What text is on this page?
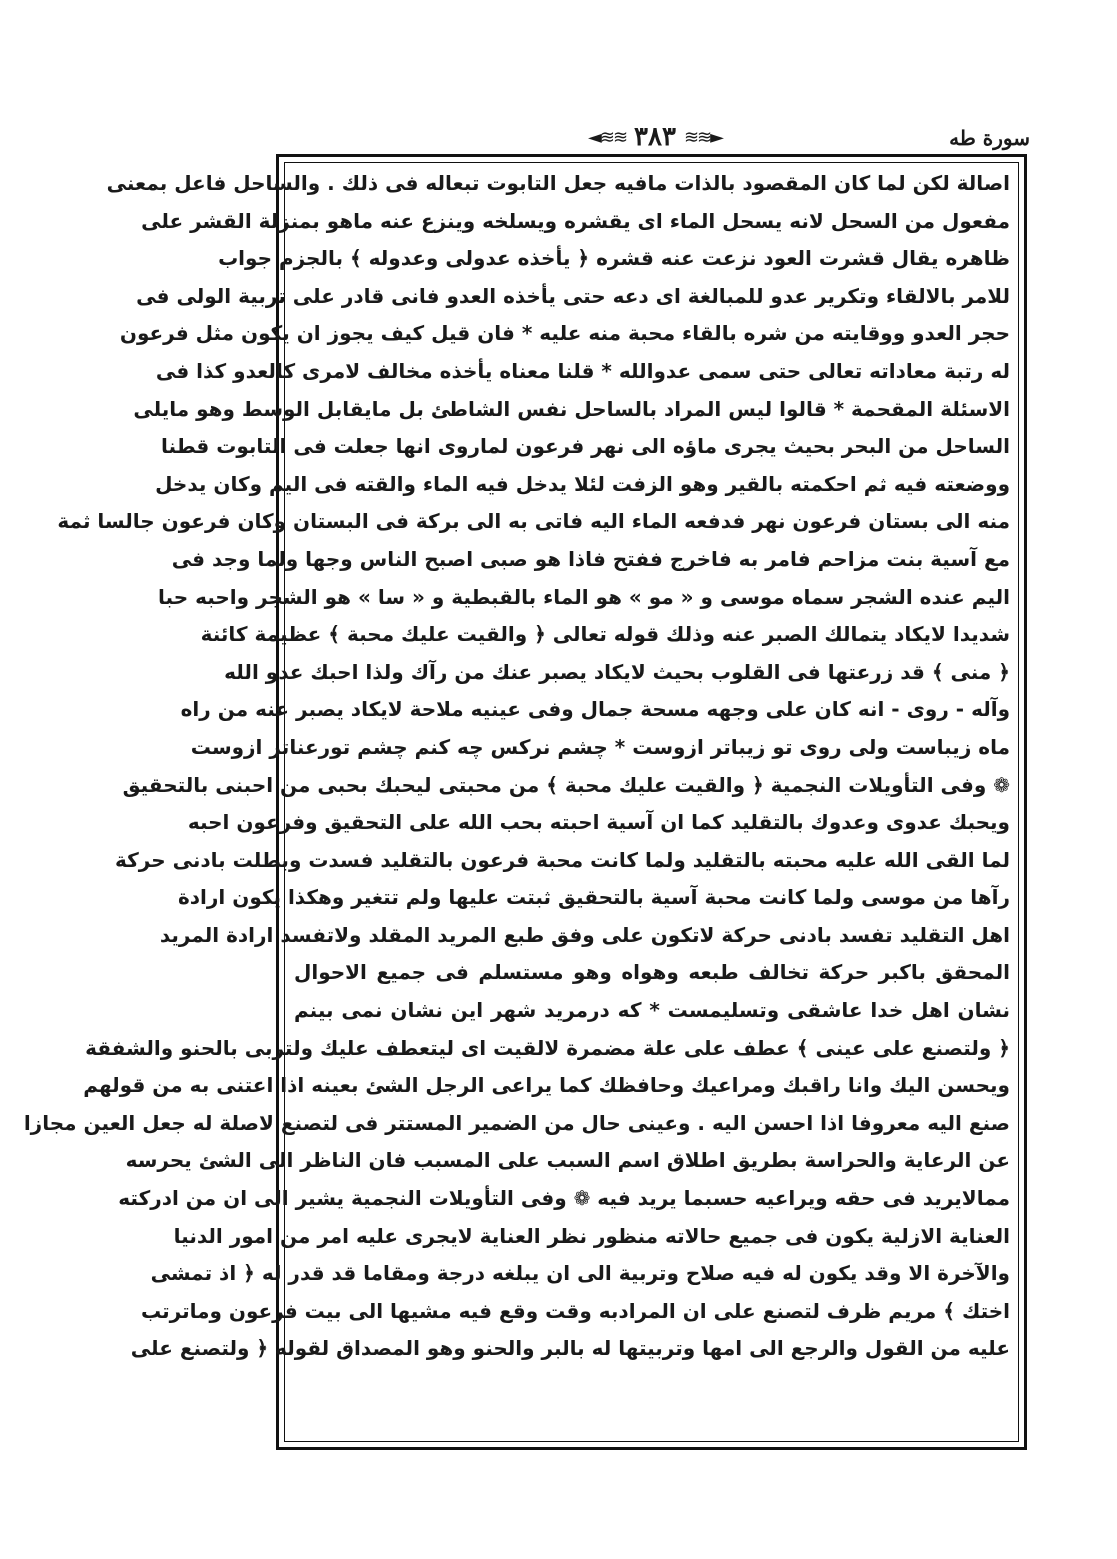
◄≋≋ ٣٨٣ ≋≋►	سورة طه
اصالة لكن لما كان المقصود بالذات مافيه جعل التابوت تبعاله فى ذلك . والساحل فاعل بمعنى
مفعول من السحل لانه يسحل الماء اى يقشره ويسلخه وينزع عنه ماهو بمنزلة القشر على
ظاهره يقال قشرت العود نزعت عنه قشره ﴿ يأخذه عدولى وعدوله ﴾ بالجزم جواب
للامر بالالقاء وتكرير عدو للمبالغة اى دعه حتى يأخذه العدو فانى قادر على تربية الولى فى
حجر العدو ووقايته من شره بالقاء محبة منه عليه * فان قيل كيف يجوز ان يكون مثل فرعون
له رتبة معاداته تعالى حتى سمى عدوالله * قلنا معناه يأخذه مخالف لامرى كالعدو كذا فى
الاسئلة المقحمة * قالوا ليس المراد بالساحل نفس الشاطئ بل مايقابل الوسط وهو مايلى
الساحل من البحر بحيث يجرى ماؤه الى نهر فرعون لماروى انها جعلت فى التابوت قطنا
ووضعته فيه ثم احكمته بالقير وهو الزفت لئلا يدخل فيه الماء والقته فى اليم وكان يدخل
منه الى بستان فرعون نهر فدفعه الماء اليه فاتى به الى بركة فى البستان وكان فرعون جالسا ثمة
مع آسية بنت مزاحم فامر به فاخرج ففتح فاذا هو صبى اصبح الناس وجها ولما وجد فى
اليم عنده الشجر سماه موسى و « مو » هو الماء بالقبطية و « سا » هو الشجر واحبه حبا
شديدا لايكاد يتمالك الصبر عنه وذلك قوله تعالى ﴿ والقيت عليك محبة ﴾ عظيمة كائنة
﴿ منى ﴾ قد زرعتها فى القلوب بحيث لايكاد يصبر عنك من رآك ولذا احبك عدو الله
وآله - روى - انه كان على وجهه مسحة جمال وفى عينيه ملاحة لايكاد يصبر عنه من راه
ماه زيباست ولى روى تو زيباتر ازوست * چشم نركس چه كنم چشم تورعناتر ازوست
❁ وفى التأويلات النجمية ﴿ والقيت عليك محبة ﴾ من محبتى ليحبك بحبى من احبنى بالتحقيق
ويحبك عدوى وعدوك بالتقليد كما ان آسية احبته بحب الله على التحقيق وفرعون احبه
لما القى الله عليه محبته بالتقليد ولما كانت محبة فرعون بالتقليد فسدت وبطلت بادنى حركة
رآها من موسى ولما كانت محبة آسية بالتحقيق ثبتت عليها ولم تتغير وهكذا يكون ارادة
اهل التقليد تفسد بادنى حركة لاتكون على وفق طبع المريد المقلد ولاتفسد ارادة المريد
المحقق باكبر حركة تخالف طبعه وهواه وهو مستسلم فى جميع الاحوال
نشان اهل خدا عاشقى وتسليمست * كه درمريد شهر اين نشان نمى بينم
﴿ ولتصنع على عينى ﴾ عطف على علة مضمرة لالقيت اى ليتعطف عليك ولتربى بالحنو والشفقة
ويحسن اليك وانا راقبك ومراعيك وحافظك كما يراعى الرجل الشئ بعينه اذا اعتنى به من قولهم
صنع اليه معروفا اذا احسن اليه . وعينى حال من الضمير المستتر فى لتصنع لاصلة له جعل العين مجازا
عن الرعاية والحراسة بطريق اطلاق اسم السبب على المسبب فان الناظر الى الشئ يحرسه
ممالايريد فى حقه ويراعيه حسبما يريد فيه ❁ وفى التأويلات النجمية يشير الى ان من ادركته
العناية الازلية يكون فى جميع حالاته منظور نظر العناية لايجرى عليه امر من امور الدنيا
والآخرة الا وقد يكون له فيه صلاح وتربية الى ان يبلغه درجة ومقاما قد قدر له ﴿ اذ تمشى
اختك ﴾ مريم ظرف لتصنع على ان المرادبه وقت وقع فيه مشيها الى بيت فرعون وماترتب
عليه من القول والرجع الى امها وتربيتها له بالبر والحنو وهو المصداق لقوله ﴿ ولتصنع على
